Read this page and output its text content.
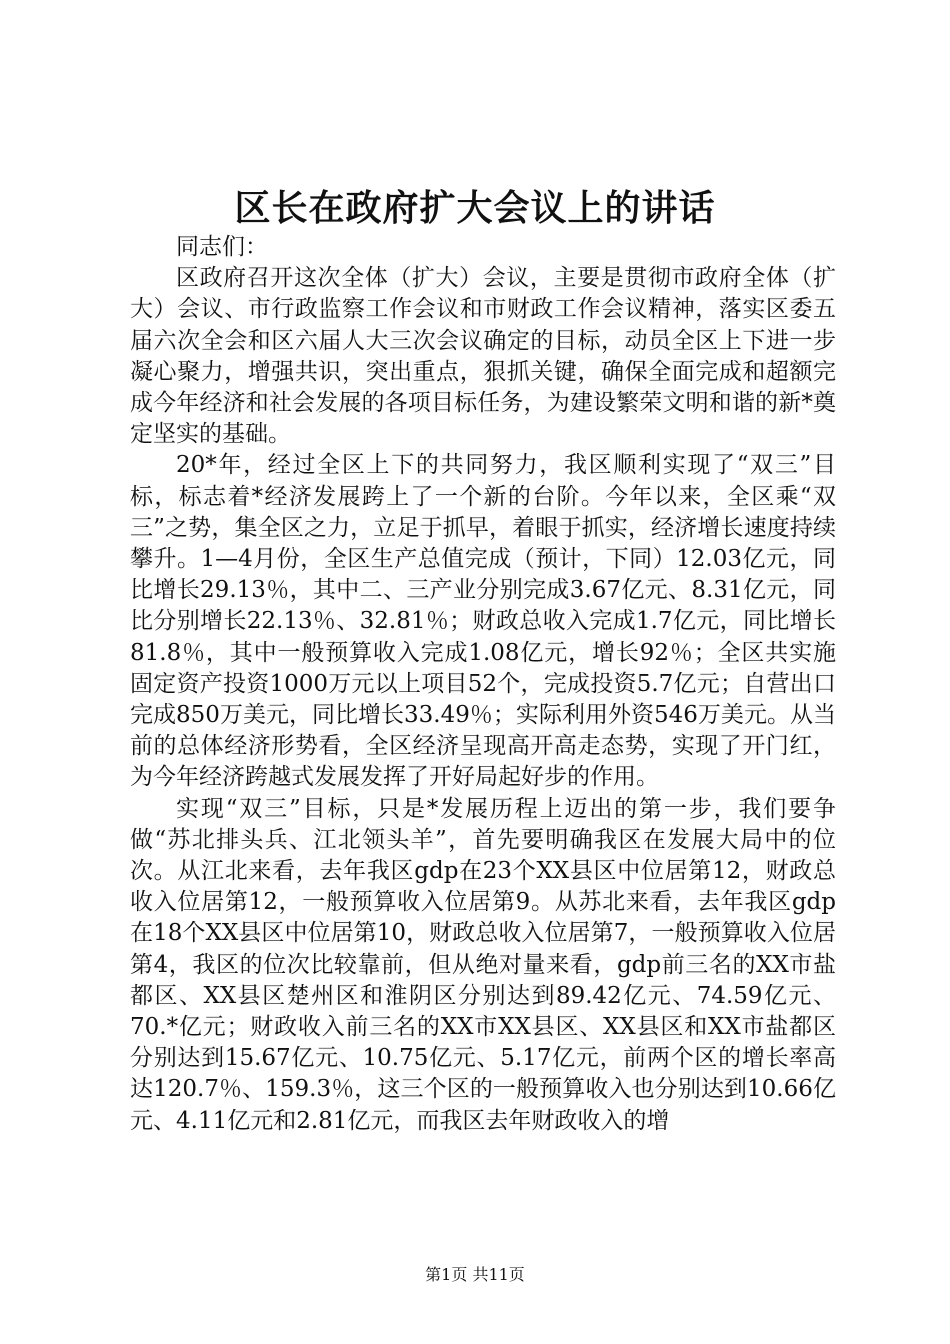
区长在政府扩大会议上的讲话

同志们：

区政府召开这次全体（扩大）会议，主要是贯彻市政府全体（扩大）会议、市行政监察工作会议和市财政工作会议精神，落实区委五届六次全会和区六届人大三次会议确定的目标，动员全区上下进一步凝心聚力，增强共识，突出重点，狠抓关键，确保全面完成和超额完成今年经济和社会发展的各项目标任务，为建设繁荣文明和谐的新*奠定坚实的基础。

20*年，经过全区上下的共同努力，我区顺利实现了“双三”目标，标志着*经济发展跨上了一个新的台阶。今年以来，全区乘“双三”之势，集全区之力，立足于抓早，着眼于抓实，经济增长速度持续攀升。1—4月份，全区生产总值完成（预计，下同）12.03亿元，同比增长29.13％，其中二、三产业分别完成3.67亿元、8.31亿元，同比分别增长22.13％、32.81％；财政总收入完成1.7亿元，同比增长81.8％，其中一般预算收入完成1.08亿元，增长92％；全区共实施固定资产投资1000万元以上项目52个，完成投资5.7亿元；自营出口完成850万美元，同比增长33.49％；实际利用外资546万美元。从当前的总体经济形势看，全区经济呈现高开高走态势，实现了开门红，为今年经济跨越式发展发挥了开好局起好步的作用。

实现“双三”目标，只是*发展历程上迈出的第一步，我们要争做“苏北排头兵、江北领头羊”，首先要明确我区在发展大局中的位次。从江北来看，去年我区gdp在23个XX县区中位居第12，财政总收入位居第12，一般预算收入位居第9。从苏北来看，去年我区gdp在18个XX县区中位居第10，财政总收入位居第7，一般预算收入位居第4，我区的位次比较靠前，但从绝对量来看，gdp前三名的XX市盐都区、XX县区楚州区和淮阴区分别达到89.42亿元、74.59亿元、70.*亿元；财政收入前三名的XX市XX县区、XX县区和XX市盐都区分别达到15.67亿元、10.75亿元、5.17亿元，前两个区的增长率高达120.7％、159.3％，这三个区的一般预算收入也分别达到10.66亿元、4.11亿元和2.81亿元，而我区去年财政收入的增

第1页 共11页
